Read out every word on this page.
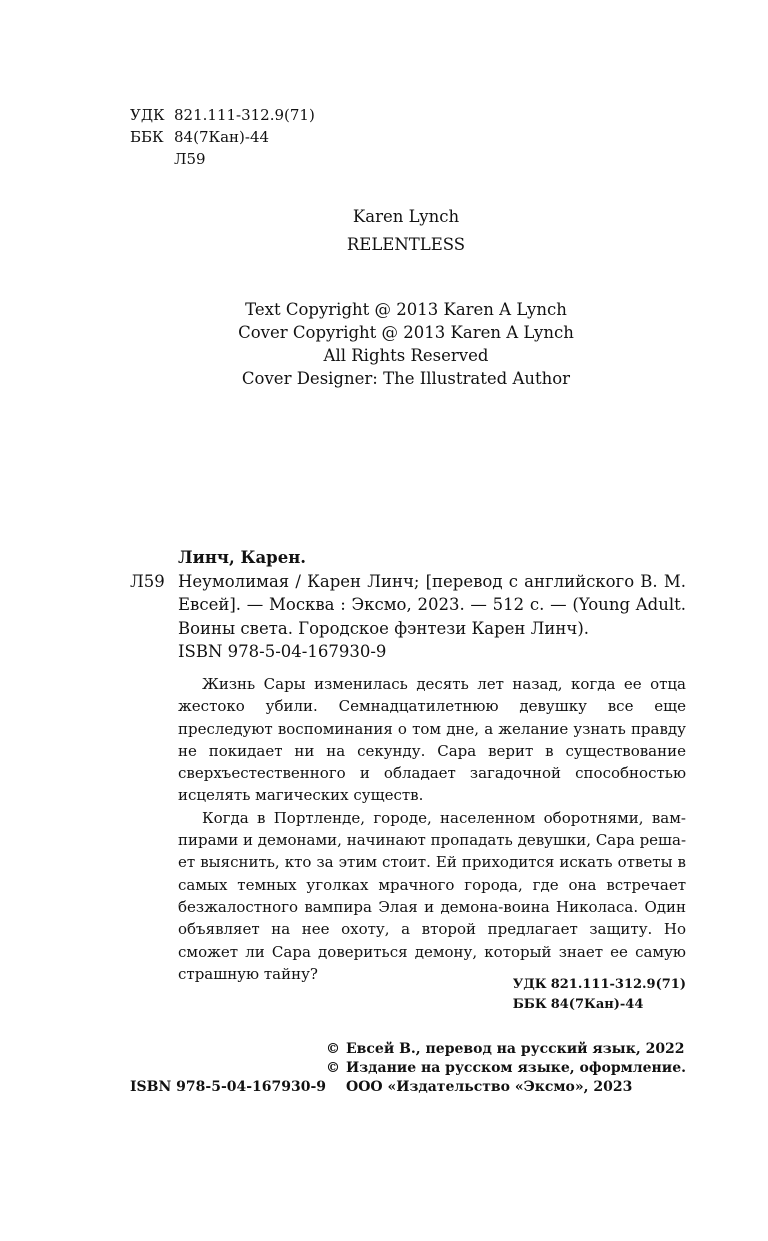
УДК 821.111-312.9(71)
ББК 84(7Кан)-44
Л59
Karen Lynch
RELENTLESS
Text Copyright @ 2013 Karen A Lynch
Cover Copyright @ 2013 Karen A Lynch
All Rights Reserved
Cover Designer: The Illustrated Author
Линч, Карен.
Л59 Неумолимая / Карен Линч; [перевод с английского В. М. Евсей]. — Москва : Эксмо, 2023. — 512 с. — (Young Adult. Воины света. Городское фэнтези Карен Линч).
ISBN 978-5-04-167930-9

Жизнь Сары изменилась десять лет назад, когда ее отца жестоко убили. Семнадцатилетнюю девушку все еще преследуют воспоминания о том дне, а желание узнать правду не покидает ни на секунду. Сара верит в существование сверхъестественного и обладает загадочной способностью исцелять магических существ.

Когда в Портленде, городе, населенном оборотнями, вампирами и демонами, начинают пропадать девушки, Сара решает выяснить, кто за этим стоит. Ей приходится искать ответы в самых темных уголках мрачного города, где она встречает безжалостного вампира Элая и демона-воина Николаса. Один объявляет на нее охоту, а второй предлагает защиту. Но сможет ли Сара довериться демону, который знает ее самую страшную тайну?

УДК 821.111-312.9(71)
ББК 84(7Кан)-44
© Евсей В., перевод на русский язык, 2022
© Издание на русском языке, оформление.
ООО «Издательство «Эксмо», 2023
ISBN 978-5-04-167930-9
